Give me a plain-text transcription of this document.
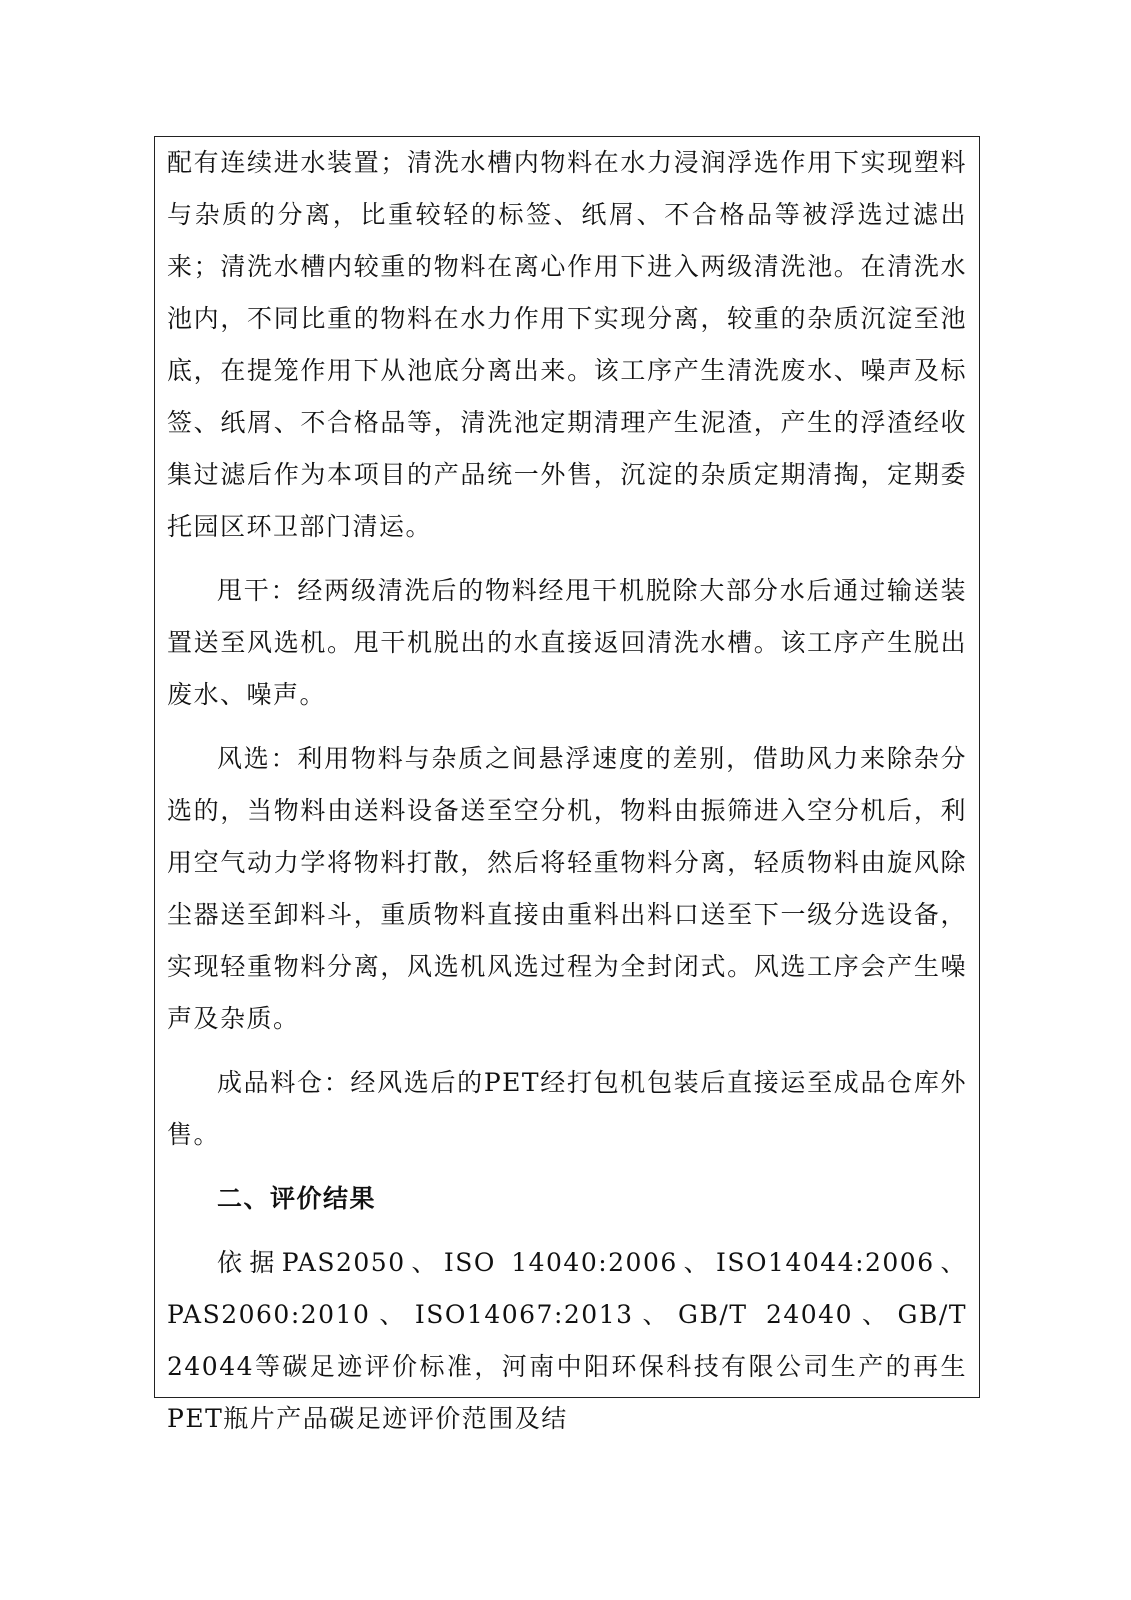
配有连续进水装置；清洗水槽内物料在水力浸润浮选作用下实现塑料与杂质的分离，比重较轻的标签、纸屑、不合格品等被浮选过滤出来；清洗水槽内较重的物料在离心作用下进入两级清洗池。在清洗水池内，不同比重的物料在水力作用下实现分离，较重的杂质沉淀至池底，在提笼作用下从池底分离出来。该工序产生清洗废水、噪声及标签、纸屑、不合格品等，清洗池定期清理产生泥渣，产生的浮渣经收集过滤后作为本项目的产品统一外售，沉淀的杂质定期清掏，定期委托园区环卫部门清运。

甩干：经两级清洗后的物料经甩干机脱除大部分水后通过输送装置送至风选机。甩干机脱出的水直接返回清洗水槽。该工序产生脱出废水、噪声。

风选：利用物料与杂质之间悬浮速度的差别，借助风力来除杂分选的，当物料由送料设备送至空分机，物料由振筛进入空分机后，利用空气动力学将物料打散，然后将轻重物料分离，轻质物料由旋风除尘器送至卸料斗，重质物料直接由重料出料口送至下一级分选设备，实现轻重物料分离，风选机风选过程为全封闭式。风选工序会产生噪声及杂质。

成品料仓：经风选后的PET经打包机包装后直接运至成品仓库外售。

二、评价结果

依据PAS2050、ISO 14040:2006、ISO14044:2006、PAS2060:2010、ISO14067:2013、GB/T 24040、GB/T 24044等碳足迹评价标准，河南中阳环保科技有限公司生产的再生PET瓶片产品碳足迹评价范围及结
